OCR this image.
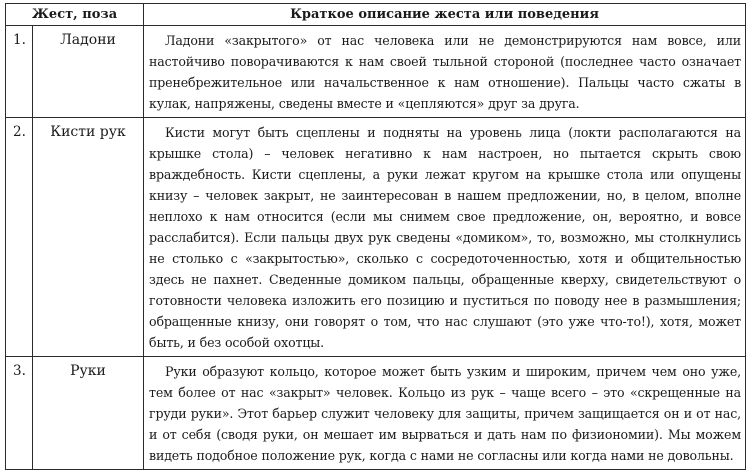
Жест, поза		Краткое описание жеста или поведения
1.	Ладони	Ладони «закрытого» от нас человека или не демонстрируются нам вовсе, или настойчиво поворачиваются к нам своей тыльной стороной (последнее часто означает пренебрежительное или начальственное к нам отношение). Пальцы часто сжаты в кулак, напряжены, сведены вместе и «цепляются» друг за друга.
2.	Кисти рук	Кисти могут быть сцеплены и подняты на уровень лица (локти располагаются на крышке стола) – человек негативно к нам настроен, но пытается скрыть свою враждебность. Кисти сцеплены, а руки лежат кругом на крышке стола или опущены книзу – человек закрыт, не заинтересован в нашем предложении, но, в целом, вполне неплохо к нам относится (если мы снимем свое предложение, он, вероятно, и вовсе расслабится). Если пальцы двух рук сведены «домиком», то, возможно, мы столкнулись не столько с «закрытостью», сколько с сосредоточенностью, хотя и общительностью здесь не пахнет. Сведенные домиком пальцы, обращенные кверху, свидетельствуют о готовности человека изложить его позицию и пуститься по поводу нее в размышления; обращенные книзу, они говорят о том, что нас слушают (это уже что-то!), хотя, может быть, и без особой охотцы.
3.	Руки	Руки образуют кольцо, которое может быть узким и широким, причем чем оно уже, тем более от нас «закрыт» человек. Кольцо из рук – чаще всего – это «скрещенные на груди руки». Этот барьер служит человеку для защиты, причем защищается он и от нас, и от себя (сводя руки, он мешает им вырваться и дать нам по физиономии). Мы можем видеть подобное положение рук, когда с нами не согласны или когда нами не довольны.
